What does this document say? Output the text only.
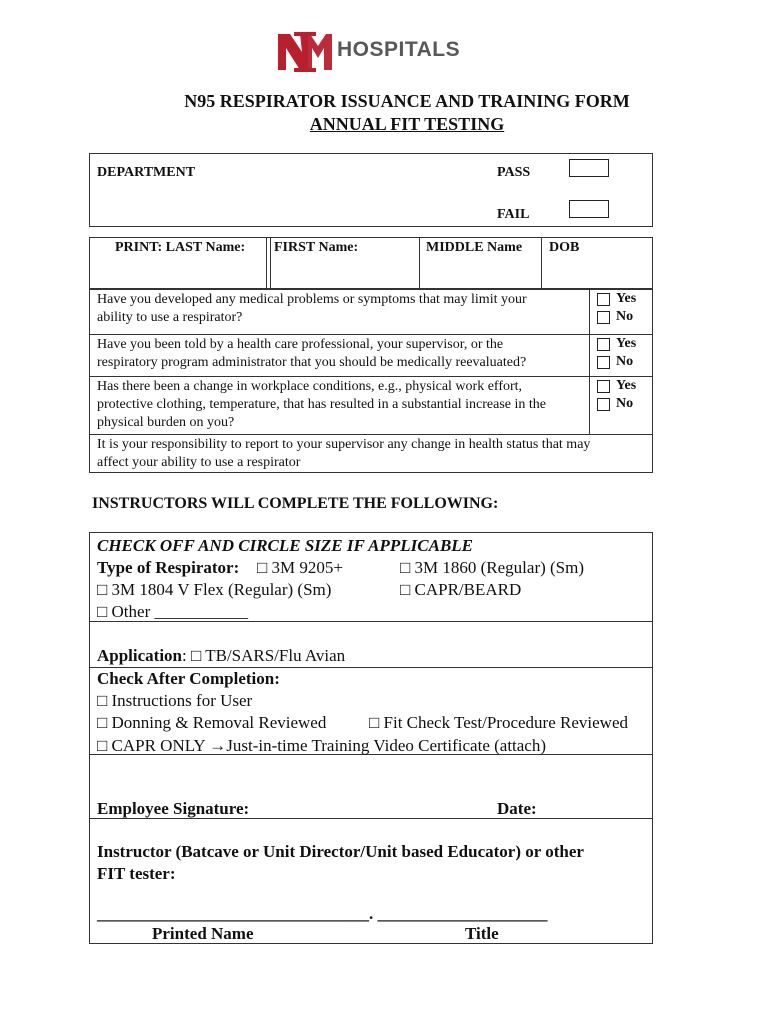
HOSPITALS
N95 RESPIRATOR ISSUANCE AND TRAINING FORM
ANNUAL FIT TESTING
DEPARTMENT	PASS
FAIL
PRINT: LAST Name: FIRST Name:	MIDDLE Name DOB
Have you developed any medical problems or symptoms that may limit your
ability to use a respirator?
Yes
No
Have you been told by a health care professional, your supervisor, or the
respiratory program administrator that you should be medically reevaluated?
Yes
No
Has there been a change in workplace conditions, e.g., physical work effort,
protective clothing, temperature, that has resulted in a substantial increase in the
physical burden on you?
Yes
No
It is your responsibility to report to your supervisor any change in health status that may
affect your ability to use a respirator
INSTRUCTORS WILL COMPLETE THE FOLLOWING:
CHECK OFF AND CIRCLE SIZE IF APPLICABLE
Type of Respirator: □ 3M 9205+	□ 3M 1860 (Regular) (Sm)
□ 3M 1804 V Flex (Regular) (Sm)	□ CAPR/BEARD
□ Other ___________
Application: □ TB/SARS/Flu Avian
Check After Completion:
□ Instructions for User
□ Donning & Removal Reviewed	□ Fit Check Test/Procedure Reviewed
□ CAPR ONLY →Just-in-time Training Video Certificate (attach)
Employee Signature:	Date:
Instructor (Batcave or Unit Director/Unit based Educator) or other
FIT tester:
________________________________. ____________________
Printed Name	Title
